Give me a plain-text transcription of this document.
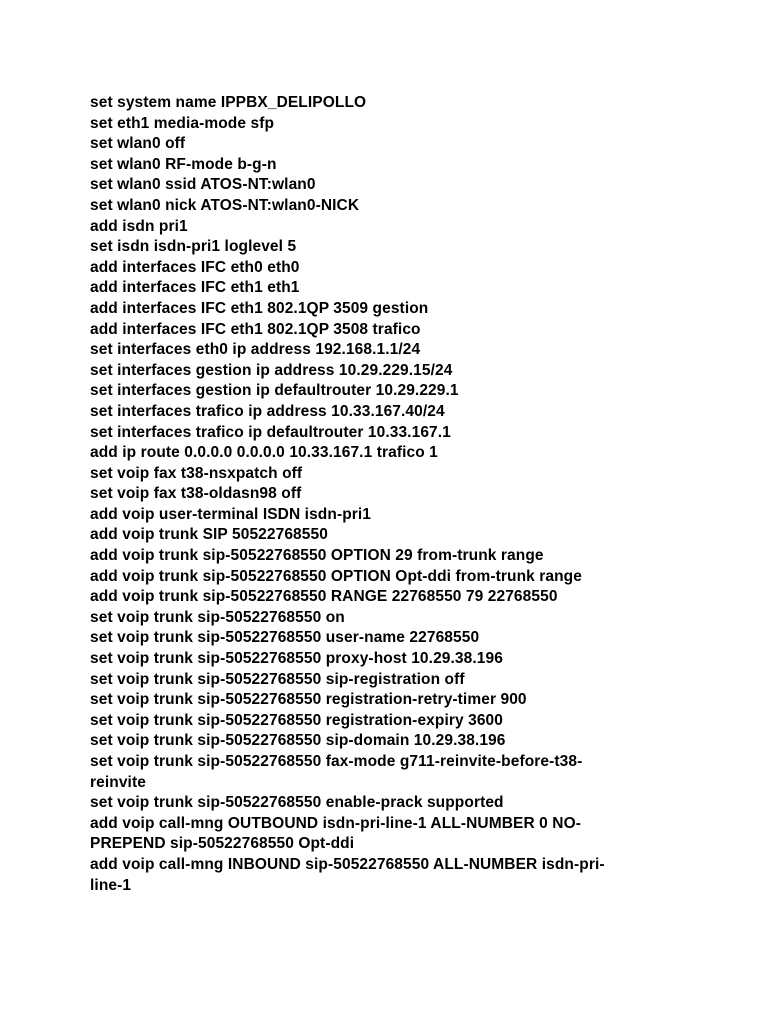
set system name IPPBX_DELIPOLLO
set eth1 media-mode sfp
set wlan0 off
set wlan0 RF-mode b-g-n
set wlan0 ssid ATOS-NT:wlan0
set wlan0 nick ATOS-NT:wlan0-NICK
add isdn pri1
set isdn isdn-pri1 loglevel 5
add interfaces IFC eth0 eth0
add interfaces IFC eth1 eth1
add interfaces IFC eth1 802.1QP 3509 gestion
add interfaces IFC eth1 802.1QP 3508 trafico
set interfaces eth0 ip address 192.168.1.1/24
set interfaces gestion ip address 10.29.229.15/24
set interfaces gestion ip defaultrouter 10.29.229.1
set interfaces trafico ip address 10.33.167.40/24
set interfaces trafico ip defaultrouter 10.33.167.1
add ip route 0.0.0.0 0.0.0.0 10.33.167.1 trafico 1
set voip fax t38-nsxpatch off
set voip fax t38-oldasn98 off
add voip user-terminal ISDN isdn-pri1
add voip trunk SIP 50522768550
add voip trunk sip-50522768550 OPTION 29 from-trunk range
add voip trunk sip-50522768550 OPTION Opt-ddi from-trunk range
add voip trunk sip-50522768550 RANGE 22768550 79 22768550
set voip trunk sip-50522768550 on
set voip trunk sip-50522768550 user-name 22768550
set voip trunk sip-50522768550 proxy-host 10.29.38.196
set voip trunk sip-50522768550 sip-registration off
set voip trunk sip-50522768550 registration-retry-timer 900
set voip trunk sip-50522768550 registration-expiry 3600
set voip trunk sip-50522768550 sip-domain 10.29.38.196
set voip trunk sip-50522768550 fax-mode g711-reinvite-before-t38-
reinvite
set voip trunk sip-50522768550 enable-prack supported
add voip call-mng OUTBOUND isdn-pri-line-1 ALL-NUMBER 0 NO-
PREPEND sip-50522768550 Opt-ddi
add voip call-mng INBOUND sip-50522768550 ALL-NUMBER isdn-pri-
line-1
